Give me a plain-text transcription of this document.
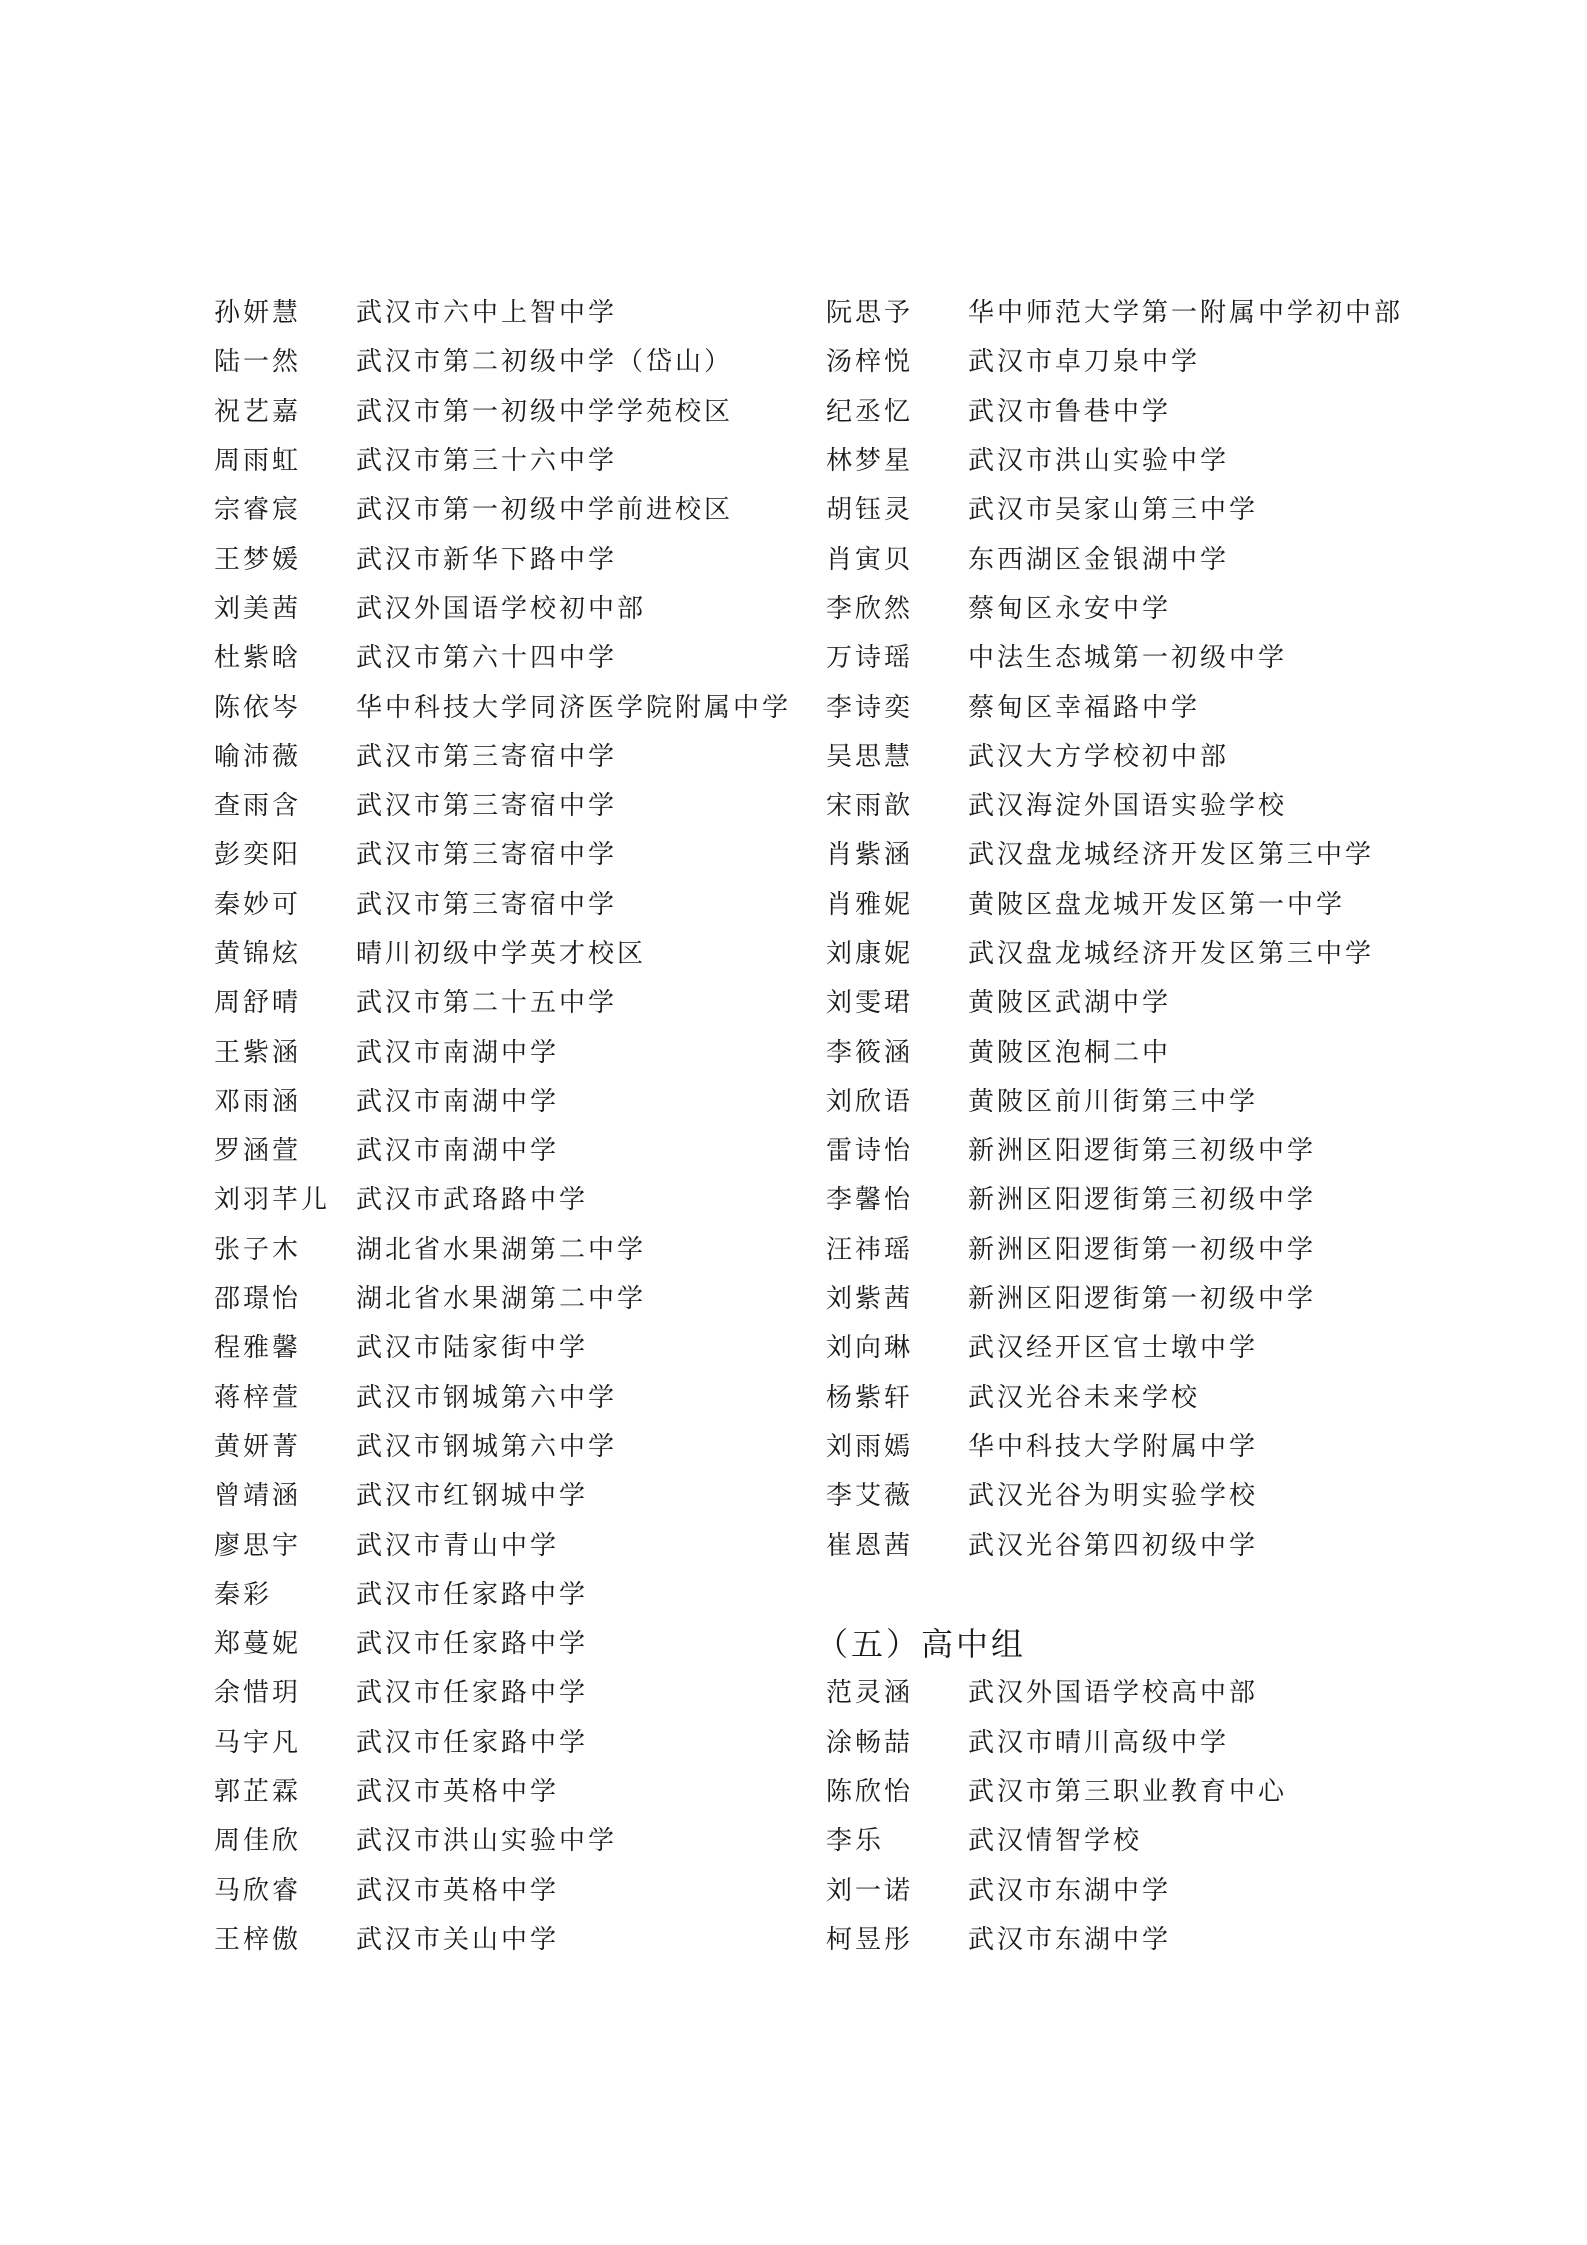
孙妍慧	武汉市六中上智中学
陆一然	武汉市第二初级中学（岱山）
祝艺嘉	武汉市第一初级中学学苑校区
周雨虹	武汉市第三十六中学
宗睿宸	武汉市第一初级中学前进校区
王梦媛	武汉市新华下路中学
刘美茜	武汉外国语学校初中部
杜紫晗	武汉市第六十四中学
陈依岑	华中科技大学同济医学院附属中学
喻沛薇	武汉市第三寄宿中学
查雨含	武汉市第三寄宿中学
彭奕阳	武汉市第三寄宿中学
秦妙可	武汉市第三寄宿中学
黄锦炫	晴川初级中学英才校区
周舒晴	武汉市第二十五中学
王紫涵	武汉市南湖中学
邓雨涵	武汉市南湖中学
罗涵萱	武汉市南湖中学
刘羽芊儿 武汉市武珞路中学
张子木	湖北省水果湖第二中学
邵璟怡	湖北省水果湖第二中学
程雅馨	武汉市陆家街中学
蒋梓萱	武汉市钢城第六中学
黄妍菁	武汉市钢城第六中学
曾靖涵	武汉市红钢城中学
廖思宇	武汉市青山中学
秦彩	武汉市任家路中学
郑蔓妮	武汉市任家路中学
余惜玥	武汉市任家路中学
马宇凡	武汉市任家路中学
郭芷霖	武汉市英格中学
周佳欣	武汉市洪山实验中学
马欣睿	武汉市英格中学
王梓傲	武汉市关山中学
阮思予	华中师范大学第一附属中学初中部
汤梓悦	武汉市卓刀泉中学
纪丞忆	武汉市鲁巷中学
林梦星	武汉市洪山实验中学
胡钰灵	武汉市吴家山第三中学
肖寅贝	东西湖区金银湖中学
李欣然	蔡甸区永安中学
万诗瑶	中法生态城第一初级中学
李诗奕	蔡甸区幸福路中学
吴思慧	武汉大方学校初中部
宋雨歆	武汉海淀外国语实验学校
肖紫涵	武汉盘龙城经济开发区第三中学
肖雅妮	黄陂区盘龙城开发区第一中学
刘康妮	武汉盘龙城经济开发区第三中学
刘雯珺	黄陂区武湖中学
李筱涵	黄陂区泡桐二中
刘欣语	黄陂区前川街第三中学
雷诗怡	新洲区阳逻街第三初级中学
李馨怡	新洲区阳逻街第三初级中学
汪祎瑶	新洲区阳逻街第一初级中学
刘紫茜	新洲区阳逻街第一初级中学
刘向琳	武汉经开区官士墩中学
杨紫轩	武汉光谷未来学校
刘雨嫣	华中科技大学附属中学
李艾薇	武汉光谷为明实验学校
崔恩茜	武汉光谷第四初级中学
（五）高中组
范灵涵	武汉外国语学校高中部
涂畅喆	武汉市晴川高级中学
陈欣怡	武汉市第三职业教育中心
李乐	武汉情智学校
刘一诺	武汉市东湖中学
柯昱彤	武汉市东湖中学
